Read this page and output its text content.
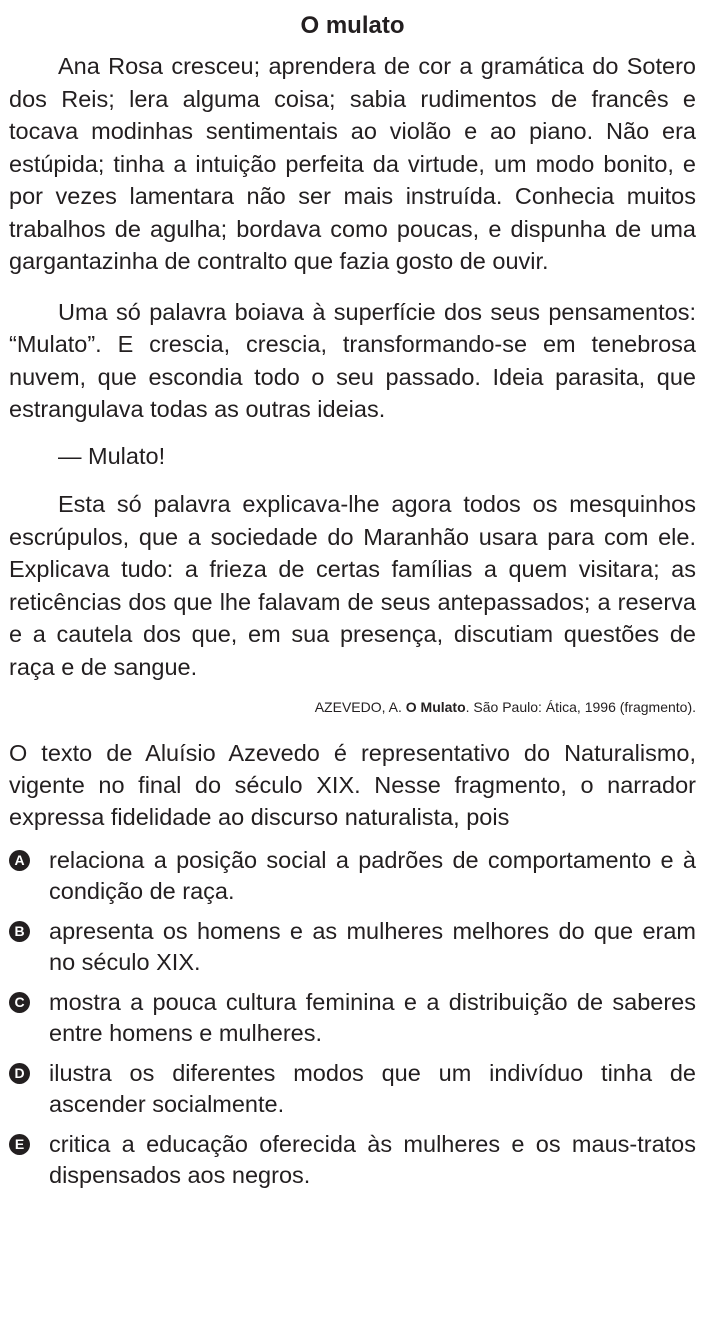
O mulato

Ana Rosa cresceu; aprendera de cor a gramática do Sotero dos Reis; lera alguma coisa; sabia rudimentos de francês e tocava modinhas sentimentais ao violão e ao piano. Não era estúpida; tinha a intuição perfeita da virtude, um modo bonito, e por vezes lamentara não ser mais instruída. Conhecia muitos trabalhos de agulha; bordava como poucas, e dispunha de uma gargantazinha de contralto que fazia gosto de ouvir.

Uma só palavra boiava à superfície dos seus pensamentos: “Mulato”. E crescia, crescia, transformando-se em tenebrosa nuvem, que escondia todo o seu passado. Ideia parasita, que estrangulava todas as outras ideias.

— Mulato!

Esta só palavra explicava-lhe agora todos os mesquinhos escrúpulos, que a sociedade do Maranhão usara para com ele. Explicava tudo: a frieza de certas famílias a quem visitara; as reticências dos que lhe falavam de seus antepassados; a reserva e a cautela dos que, em sua presença, discutiam questões de raça e de sangue.

AZEVEDO, A. O Mulato. São Paulo: Ática, 1996 (fragmento).

O texto de Aluísio Azevedo é representativo do Naturalismo, vigente no final do século XIX. Nesse fragmento, o narrador expressa fidelidade ao discurso naturalista, pois

A relaciona a posição social a padrões de comportamento e à condição de raça.
B apresenta os homens e as mulheres melhores do que eram no século XIX.
C mostra a pouca cultura feminina e a distribuição de saberes entre homens e mulheres.
D ilustra os diferentes modos que um indivíduo tinha de ascender socialmente.
E critica a educação oferecida às mulheres e os maus-tratos dispensados aos negros.
